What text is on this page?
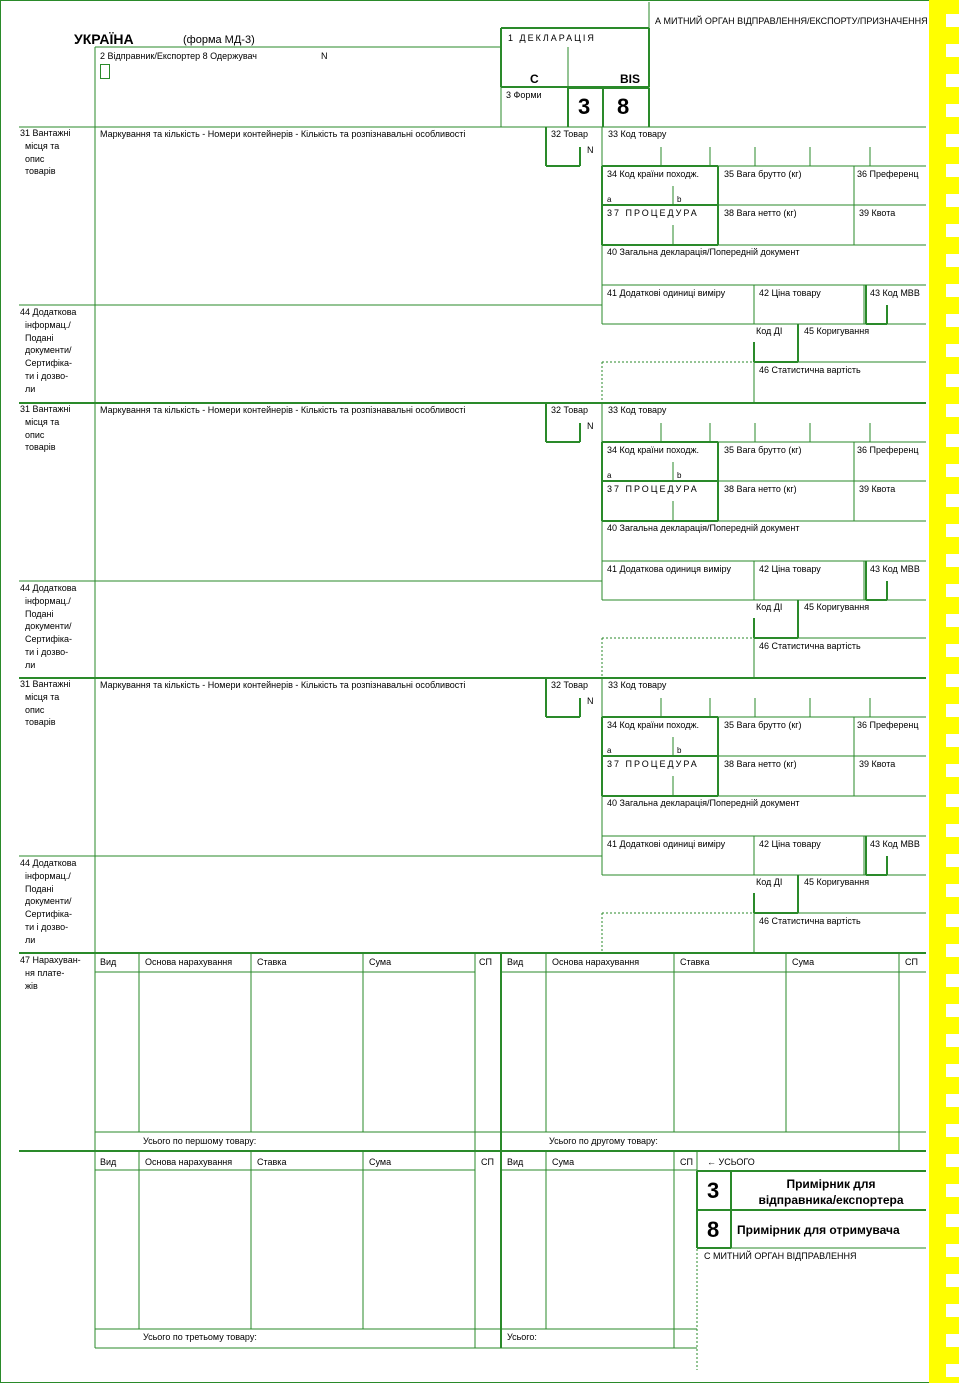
УКРАЇНА	(форма МД-3)
А МИТНИЙ ОРГАН ВІДПРАВЛЕННЯ/ЕКСПОРТУ/ПРИЗНАЧЕННЯ
2 Відправник/Експортер 8 Одержувач	N
1 ДЕКЛАРАЦІЯ
С	BIS
3 Форми 3 8
31 Вантажні
місця та
опис
товарів
Маркування та кількість - Номери контейнерів - Кількість та розпізнавальні особливості	32 Товар
N
33 Код товару
34 Код країни походж.
a	b
35 Вага брутто (кг)	36 Преференц
37 ПРОЦЕДУРА	38 Вага нетто (кг)	39 Квота
40 Загальна декларація/Попередній документ
41 Додаткові одиниці виміру	42 Ціна товару	43 Код МВВ
44 Додаткова
інформац./
Подані
документи/
Сертифіка-
ти і дозво-
ли
Код ДІ 45 Коригування
46 Статистична вартість
31 Вантажні
місця та
опис
товарів
Маркування та кількість - Номери контейнерів - Кількість та розпізнавальні особливості	32 Товар
N
33 Код товару
34 Код країни походж.
a	b
35 Вага брутто (кг)	36 Преференц
37 ПРОЦЕДУРА	38 Вага нетто (кг)	39 Квота
40 Загальна декларація/Попередній документ
41 Додаткова одиниця виміру	42 Ціна товару	43 Код МВВ
44 Додаткова
інформац./
Подані
документи/
Сертифіка-
ти і дозво-
ли
Код ДІ 45 Коригування
46 Статистична вартість
31 Вантажні
місця та
опис
товарів
Маркування та кількість - Номери контейнерів - Кількість та розпізнавальні особливості	32 Товар
N
33 Код товару
34 Код країни походж.
a	b
35 Вага брутто (кг)	36 Преференц
37 ПРОЦЕДУРА	38 Вага нетто (кг)	39 Квота
40 Загальна декларація/Попередній документ
41 Додаткові одиниці виміру	42 Ціна товару	43 Код МВВ
44 Додаткова
інформац./
Подані
документи/
Сертифіка-
ти і дозво-
ли
Код ДІ 45 Коригування
46 Статистична вартість
47 Нарахуван-
ня плате-
жів
Вид	Основа нарахування	Ставка	Сума	СП Вид	Основа нарахування	Ставка	Сума	СП
Усього по першому товару:	Усього по другому товару:
Вид	Основа нарахування	Ставка	Сума	СП Вид	Сума	СП ← УСЬОГО
Усього по третьому товару:	Усього:
3	Примірник для
відправника/експортера
8 Примірник для отримувача
С МИТНИЙ ОРГАН ВІДПРАВЛЕННЯ
